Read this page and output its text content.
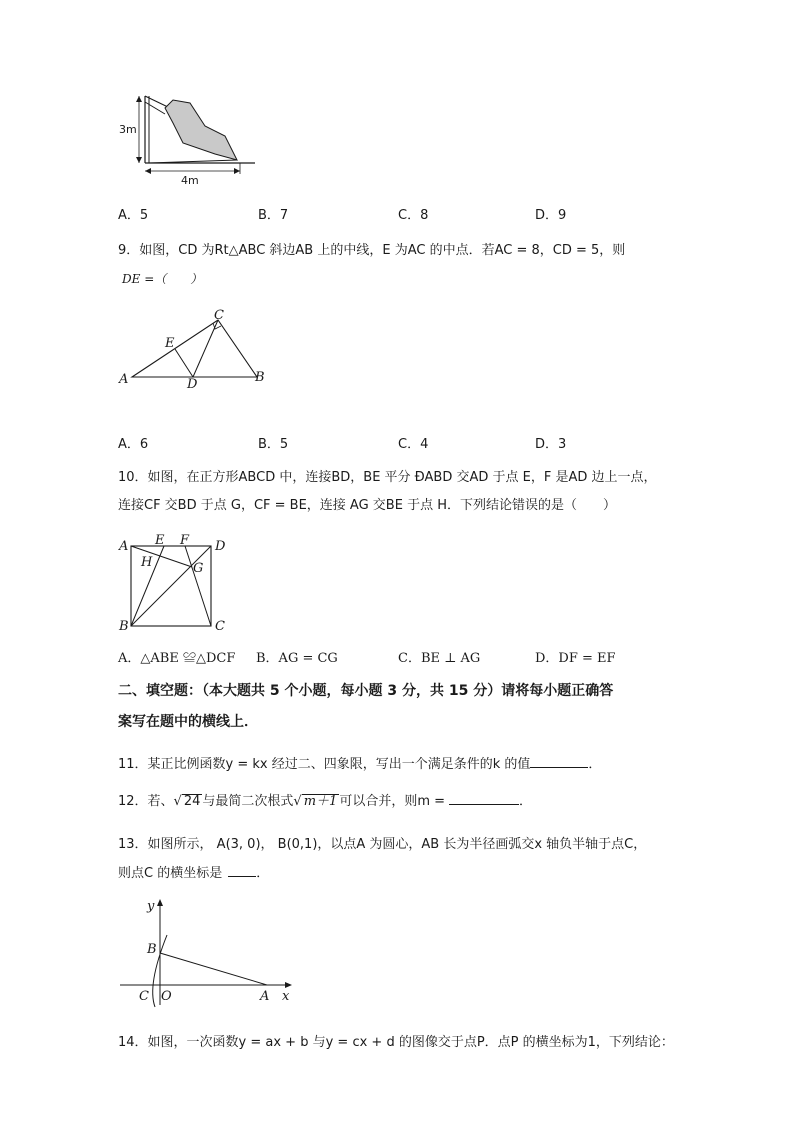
3m
4m
A．5	B．7	C．8	D．9
9．如图，CD 为Rt△ABC 斜边AB 上的中线，E 为AC 的中点．若AC = 8，CD = 5，则
DE =（　　）
A	B
C
D
E
A．6	B．5	C．4	D．3
10．如图，在正方形ABCD 中，连接BD，BE 平分 ÐABD 交AD 于点 E，F 是AD 边上一点，
连接CF 交BD 于点 G，CF = BE，连接 AG 交BE 于点 H．下列结论错误的是（　　）
A E F D
H	G
B	C
A．△ABE ≌△DCF B．AG = CG	C．BE ⊥ AG	D．DF = EF
二、填空题：（本大题共 5 个小题，每小题 3 分，共 15 分）请将每小题正确答
案写在题中的横线上．
11．某正比例函数y = kx 经过二、四象限，写出一个满足条件的k 的值	．
12．若、√ 24 与最简二次根式√ m＋1 可以合并，则m =	．
13．如图所示， A(3, 0)， B(0,1)，以点A 为圆心，AB 长为半径画弧交x 轴负半轴于点C，
则点C 的横坐标是	．
y
B
C O	A x
14．如图，一次函数y = ax + b 与y = cx + d 的图像交于点P．点P 的横坐标为1，下列结论：
